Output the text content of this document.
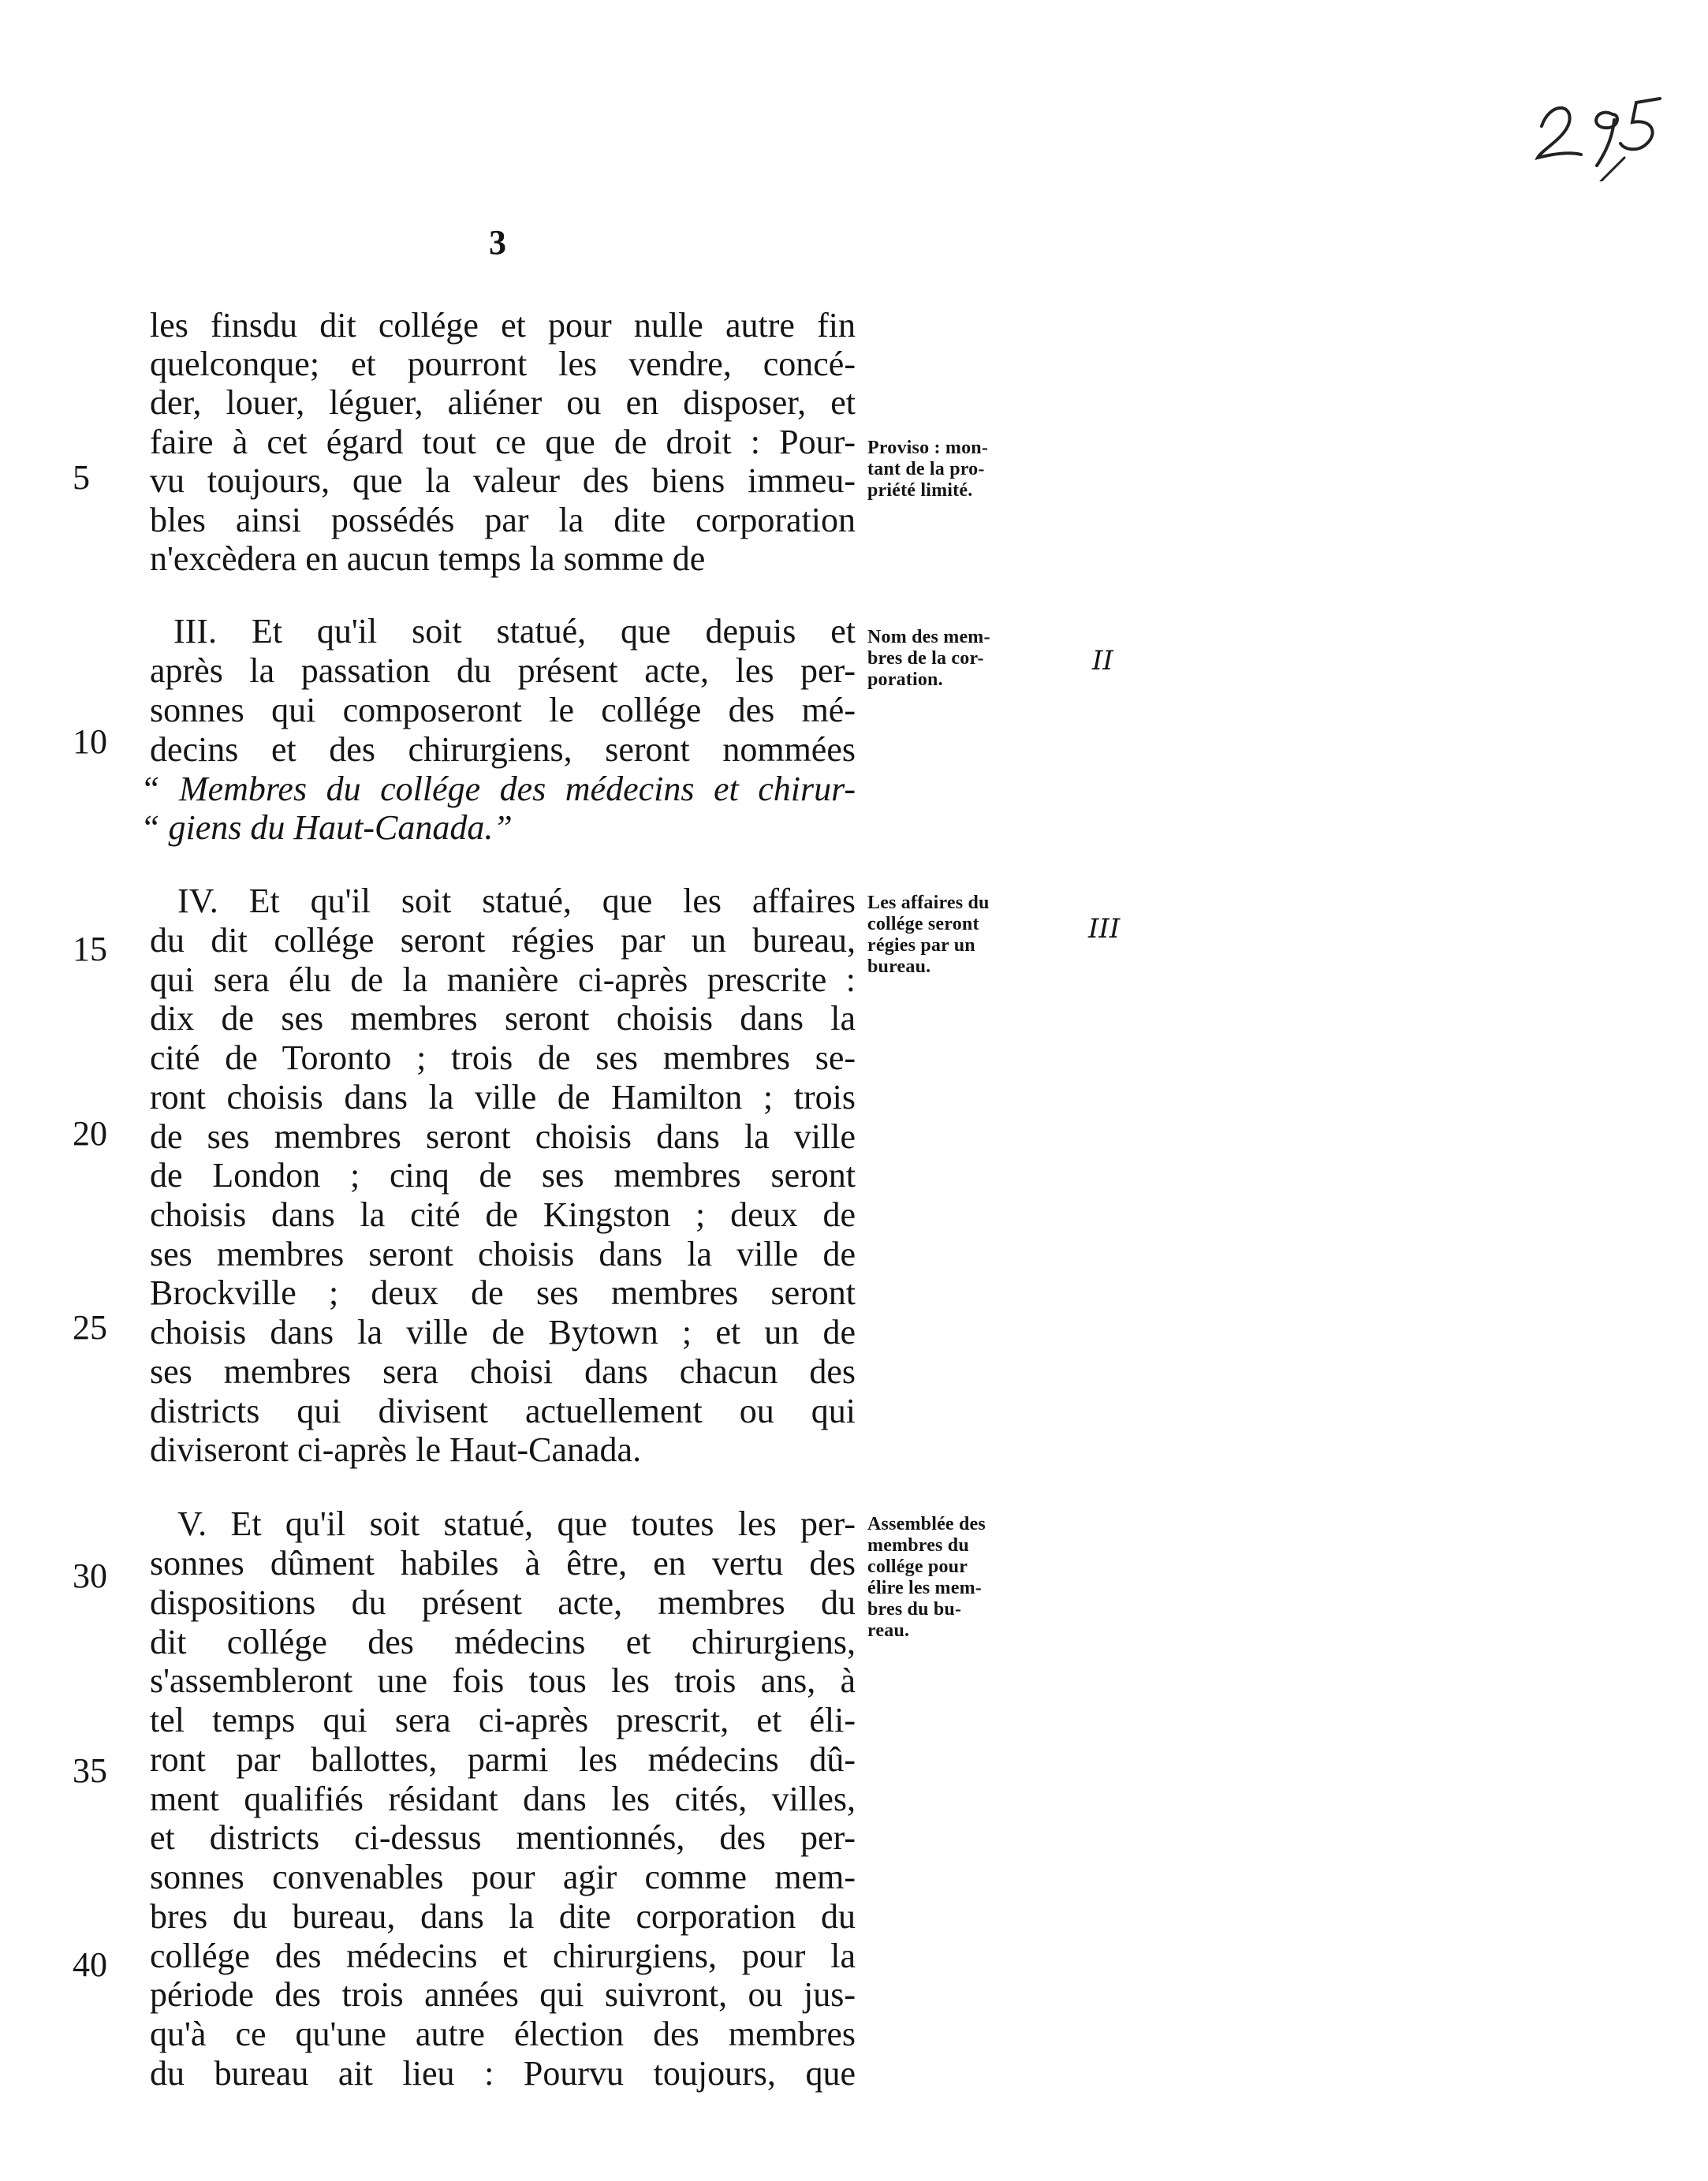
3
les finsdu dit collége et pour nulle autre fin
quelconque; et pourront les vendre, concé-
der, louer, léguer, aliéner ou en disposer, et
faire à cet égard tout ce que de droit : Pour-
vu toujours, que la valeur des biens immeu-
bles ainsi possédés par la dite corporation
n'excèdera en aucun temps la somme de
III. Et qu'il soit statué, que depuis et
après la passation du présent acte, les per-
sonnes qui composeront le collége des mé-
decins et des chirurgiens, seront nommées
“ Membres du collége des médecins et chirur-
“ giens du Haut-Canada.”
IV. Et qu'il soit statué, que les affaires
du dit collége seront régies par un bureau,
qui sera élu de la manière ci-après prescrite :
dix de ses membres seront choisis dans la
cité de Toronto ; trois de ses membres se-
ront choisis dans la ville de Hamilton ; trois
de ses membres seront choisis dans la ville
de London ; cinq de ses membres seront
choisis dans la cité de Kingston ; deux de
ses membres seront choisis dans la ville de
Brockville ; deux de ses membres seront
choisis dans la ville de Bytown ; et un de
ses membres sera choisi dans chacun des
districts qui divisent actuellement ou qui
diviseront ci-après le Haut-Canada.
V. Et qu'il soit statué, que toutes les per-
sonnes dûment habiles à être, en vertu des
dispositions du présent acte, membres du
dit collége des médecins et chirurgiens,
s'assembleront une fois tous les trois ans, à
tel temps qui sera ci-après prescrit, et éli-
ront par ballottes, parmi les médecins dû-
ment qualifiés résidant dans les cités, villes,
et districts ci-dessus mentionnés, des per-
sonnes convenables pour agir comme mem-
bres du bureau, dans la dite corporation du
collége des médecins et chirurgiens, pour la
période des trois années qui suivront, ou jus-
qu'à ce qu'une autre élection des membres
du bureau ait lieu : Pourvu toujours, que
5
10
15
20
25
30
35
40
Proviso : mon-
tant de la pro-
priété limité.
Nom des mem-
bres de la cor-
poration.
Les affaires du
collége seront
régies par un
bureau.
Assemblée des
membres du
collége pour
élire les mem-
bres du bu-
reau.
II
III
